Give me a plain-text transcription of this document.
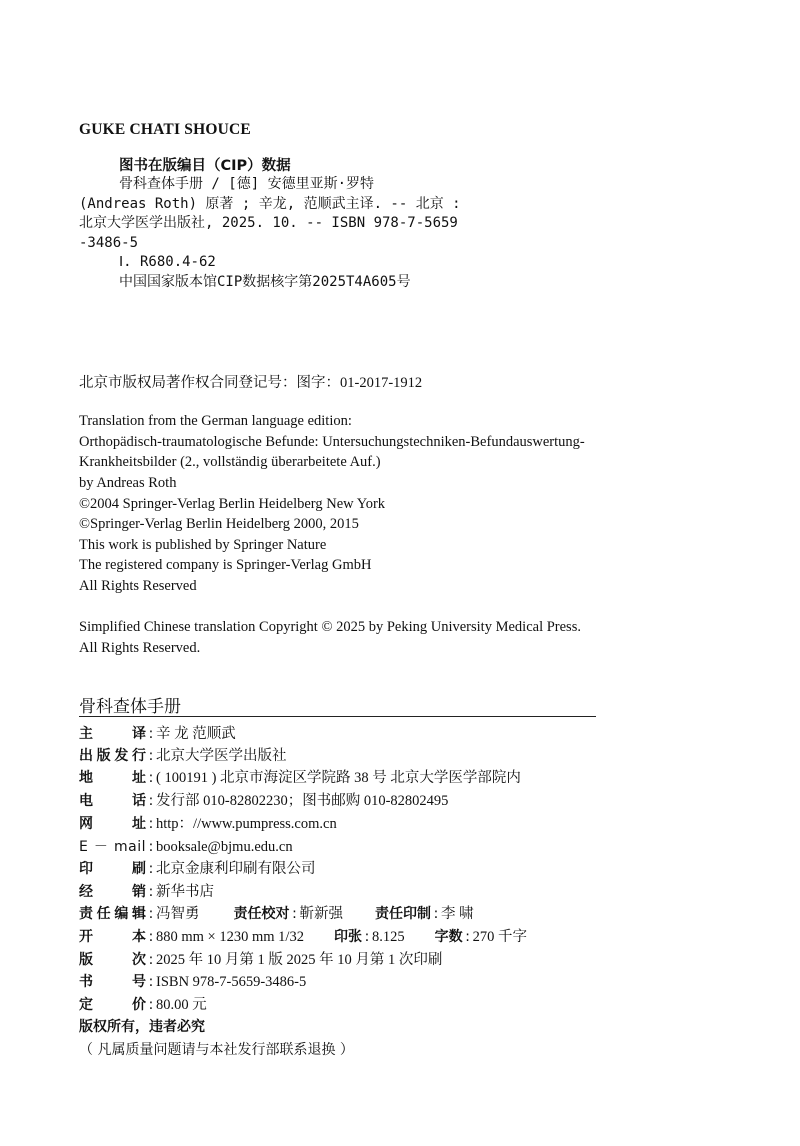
GUKE CHATI SHOUCE
图书在版编目（CIP）数据
骨科查体手册 / [德] 安德里亚斯·罗特
(Andreas Roth) 原著 ; 辛龙, 范顺武主译. -- 北京 :
北京大学医学出版社, 2025. 10. -- ISBN 978-7-5659
-3486-5
Ⅰ. R680.4-62
中国国家版本馆CIP数据核字第2025T4A605号
北京市版权局著作权合同登记号：图字：01-2017-1912
Translation from the German language edition:
Orthopädisch-traumatologische Befunde: Untersuchungstechniken-Befundauswertung-
Krankheitsbilder (2., vollständig überarbeitete Auf.)
by Andreas Roth
©2004 Springer-Verlag Berlin Heidelberg New York
©Springer-Verlag Berlin Heidelberg 2000, 2015
This work is published by Springer Nature
The registered company is Springer-Verlag GmbH
All Rights Reserved
Simplified Chinese translation Copyright © 2025 by Peking University Medical Press.
All Rights Reserved.
骨科查体手册
主译 : 辛 龙 范顺武
出版发行 : 北京大学医学出版社
地址 : ( 100191 ) 北京市海淀区学院路 38 号 北京大学医学部院内
电话 : 发行部 010-82802230；图书邮购 010-82802495
网址 : http：//www.pumpress.com.cn
E － mail : booksale@bjmu.edu.cn
印刷 : 北京金康利印刷有限公司
经销 : 新华书店
责任编辑 : 冯智勇 责任校对 : 靳新强 责任印制 : 李 啸
开本 : 880 mm × 1230 mm 1/32 印张 : 8.125 字数 : 270 千字
版次 : 2025 年 10 月第 1 版 2025 年 10 月第 1 次印刷
书号 : ISBN 978-7-5659-3486-5
定价 : 80.00 元
版权所有，违者必究
（ 凡属质量问题请与本社发行部联系退换 ）
